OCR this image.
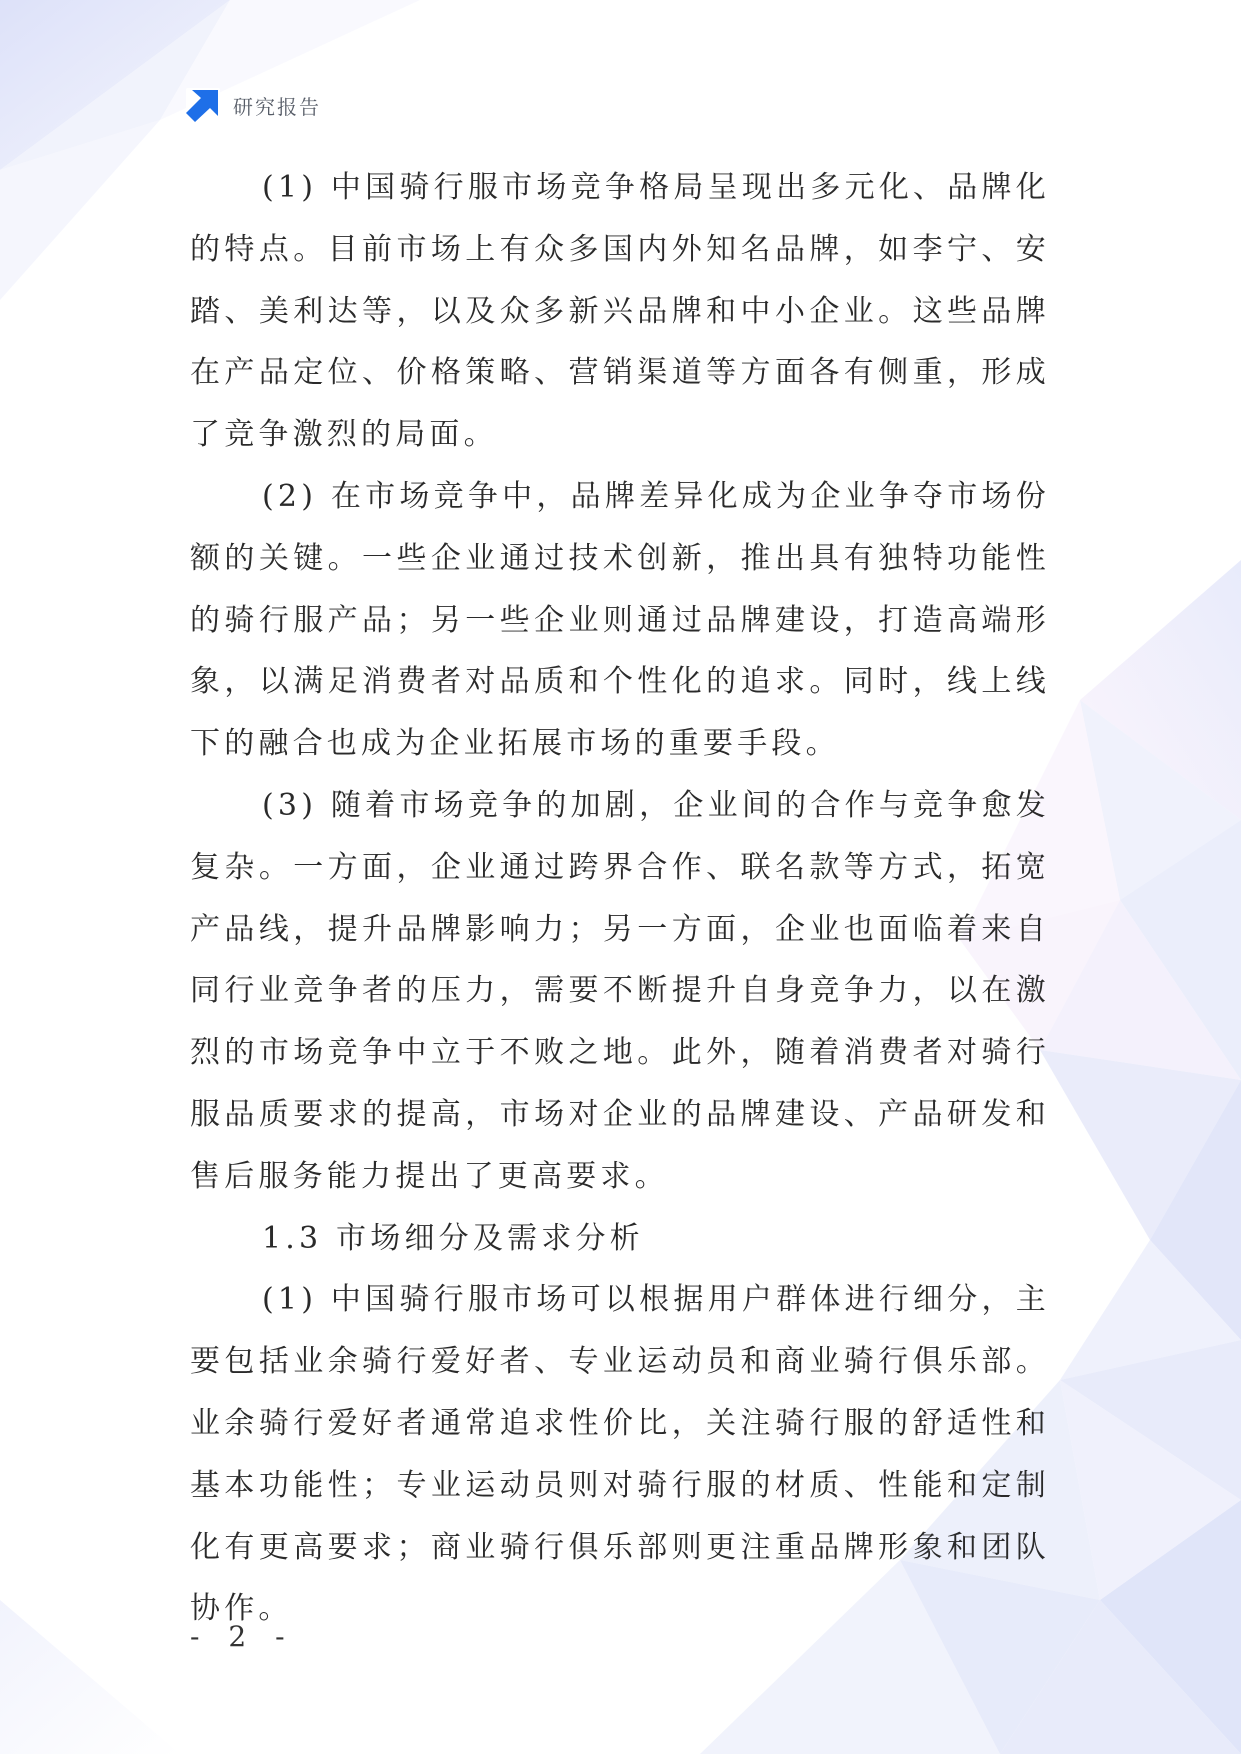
研究报告

(1) 中国骑行服市场竞争格局呈现出多元化、品牌化的特点。目前市场上有众多国内外知名品牌，如李宁、安踏、美利达等，以及众多新兴品牌和中小企业。这些品牌在产品定位、价格策略、营销渠道等方面各有侧重，形成了竞争激烈的局面。

(2) 在市场竞争中，品牌差异化成为企业争夺市场份额的关键。一些企业通过技术创新，推出具有独特功能性的骑行服产品；另一些企业则通过品牌建设，打造高端形象，以满足消费者对品质和个性化的追求。同时，线上线下的融合也成为企业拓展市场的重要手段。

(3) 随着市场竞争的加剧，企业间的合作与竞争愈发复杂。一方面，企业通过跨界合作、联名款等方式，拓宽产品线，提升品牌影响力；另一方面，企业也面临着来自同行业竞争者的压力，需要不断提升自身竞争力，以在激烈的市场竞争中立于不败之地。此外，随着消费者对骑行服品质要求的提高，市场对企业的品牌建设、产品研发和售后服务能力提出了更高要求。

1.3 市场细分及需求分析

(1) 中国骑行服市场可以根据用户群体进行细分，主要包括业余骑行爱好者、专业运动员和商业骑行俱乐部。业余骑行爱好者通常追求性价比，关注骑行服的舒适性和基本功能性；专业运动员则对骑行服的材质、性能和定制化有更高要求；商业骑行俱乐部则更注重品牌形象和团队协作。

- 2 -
